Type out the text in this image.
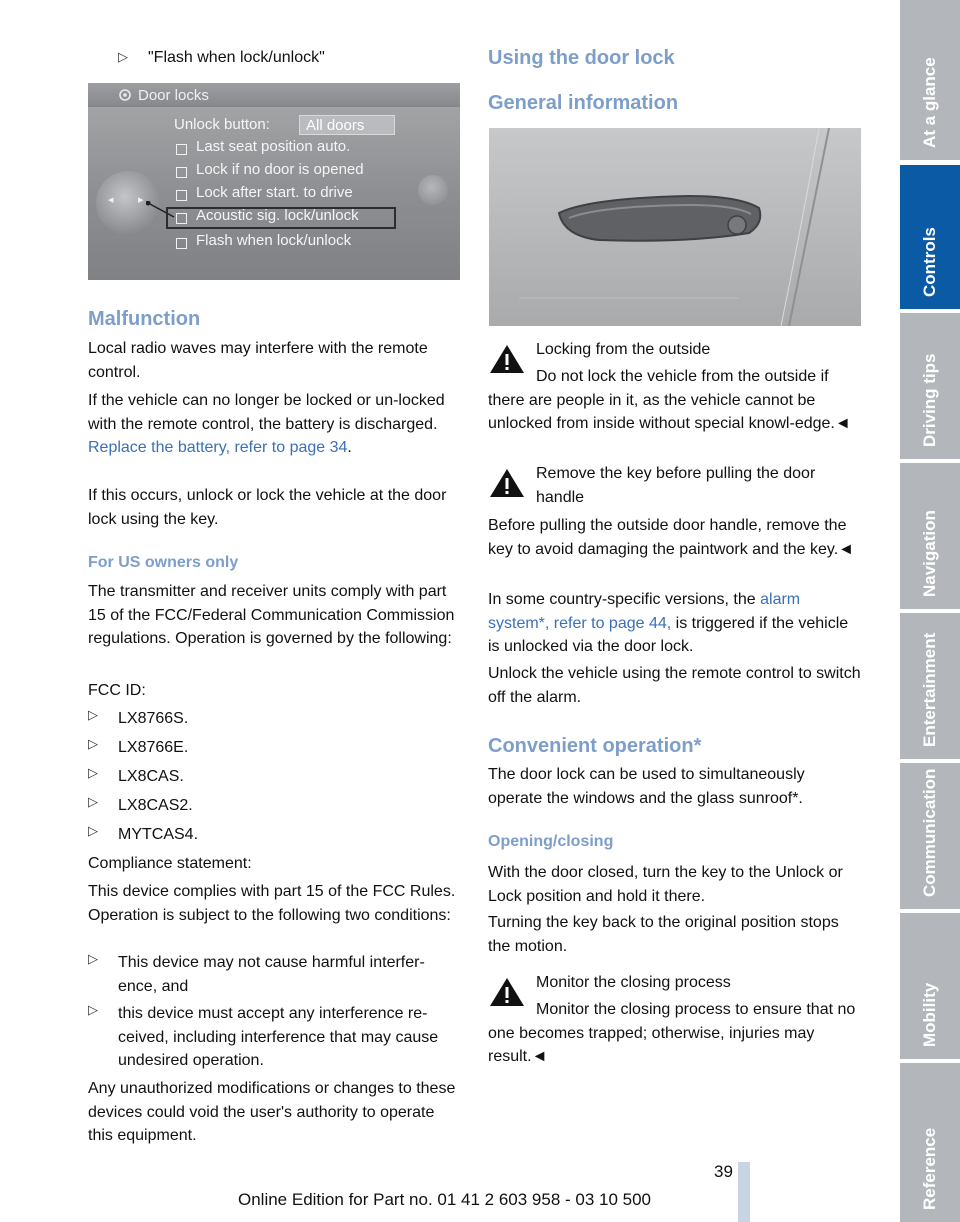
▷ "Flash when lock/unlock"

Door locks
◂ ▸
Unlock button:	All doors
Last seat position auto.
Lock if no door is opened
Lock after start. to drive
Acoustic sig. lock/unlock
Flash when lock/unlock
Malfunction

Local radio waves may interfere with the remote control.

If the vehicle can no longer be locked or un-locked with the remote control, the battery is discharged. Replace the battery, refer to page 34.

If this occurs, unlock or lock the vehicle at the door lock using the key.

For US owners only

The transmitter and receiver units comply with part 15 of the FCC/Federal Communication Commission regulations. Operation is governed by the following:

FCC ID:

▷ LX8766S.

▷ LX8766E.

▷ LX8CAS.

▷ LX8CAS2.

▷ MYTCAS4.

Compliance statement:

This device complies with part 15 of the FCC Rules. Operation is subject to the following two conditions:

▷ This device may not cause harmful interfer-ence, and

▷ this device must accept any interference re-ceived, including interference that may cause undesired operation.

Any unauthorized modifications or changes to these devices could void the user's authority to operate this equipment.

Using the door lock
General information

Locking from the outside

Do not lock the vehicle from the outside if there are people in it, as the vehicle cannot be unlocked from inside without special knowl-edge.◄

Remove the key before pulling the door handle

Before pulling the outside door handle, remove the key to avoid damaging the paintwork and the key.◄

In some country-specific versions, the alarm system*, refer to page 44, is triggered if the vehicle is unlocked via the door lock.

Unlock the vehicle using the remote control to switch off the alarm.

Convenient operation*

The door lock can be used to simultaneously operate the windows and the glass sunroof*.

Opening/closing

With the door closed, turn the key to the Unlock or Lock position and hold it there.

Turning the key back to the original position stops the motion.

Monitor the closing process

Monitor the closing process to ensure that no one becomes trapped; otherwise, injuries may result.◄

At a glance
Controls
Driving tips
Navigation
Entertainment
Communication
Mobility
Reference
39
Online Edition for Part no. 01 41 2 603 958 - 03 10 500
